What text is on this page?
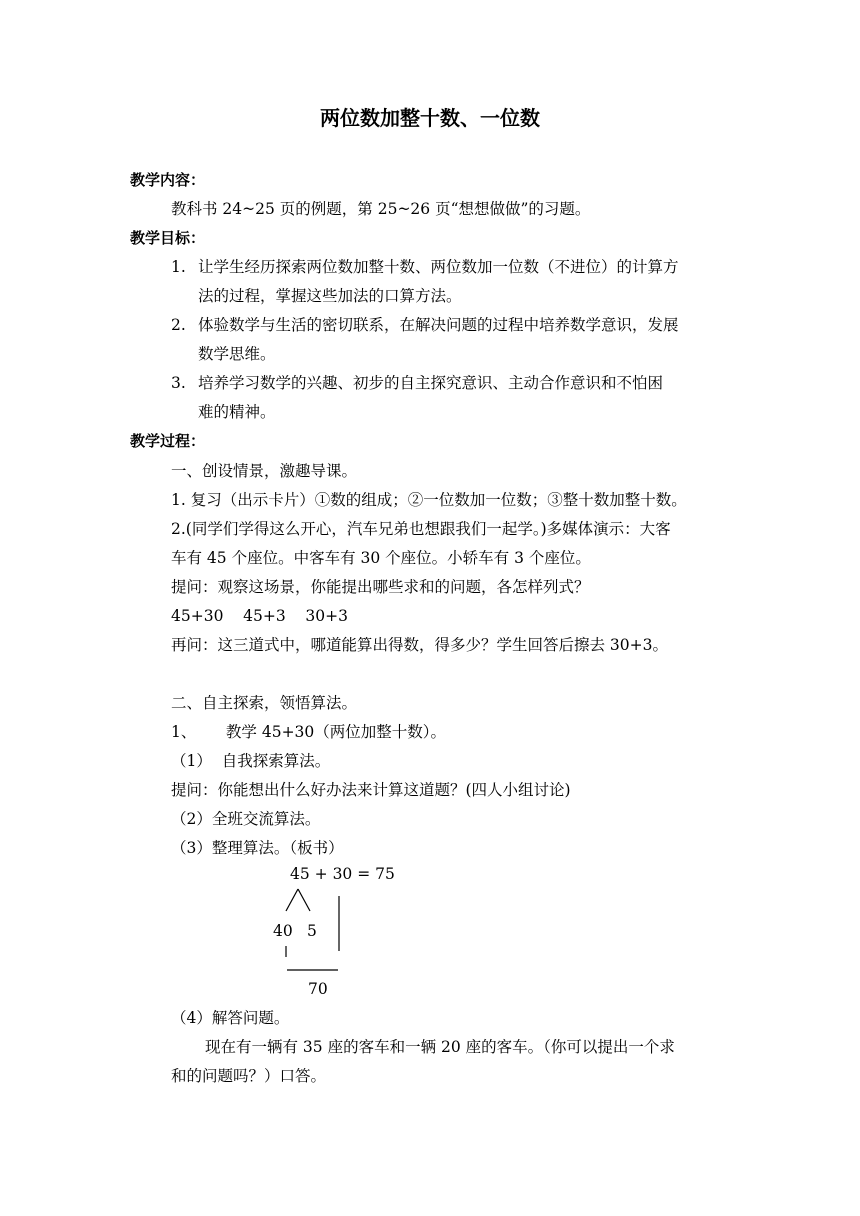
两位数加整十数、一位数
教学内容：
教科书 24~25 页的例题，第 25~26 页“想想做做”的习题。
教学目标：
1. 让学生经历探索两位数加整十数、两位数加一位数（不进位）的计算方
法的过程，掌握这些加法的口算方法。
2. 体验数学与生活的密切联系，在解决问题的过程中培养数学意识，发展
数学思维。
3. 培养学习数学的兴趣、初步的自主探究意识、主动合作意识和不怕困
难的精神。
教学过程：
一、创设情景，激趣导课。
1. 复习（出示卡片）①数的组成；②一位数加一位数；③整十数加整十数。
2.(同学们学得这么开心，汽车兄弟也想跟我们一起学。)多媒体演示：大客
车有 45 个座位。中客车有 30 个座位。小轿车有 3 个座位。
提问：观察这场景，你能提出哪些求和的问题，各怎样列式？
45+30    45+3    30+3
再问：这三道式中，哪道能算出得数，得多少？学生回答后擦去 30+3。
二、自主探索，领悟算法。
1、      教学 45+30（两位加整十数）。
（1）  自我探索算法。
提问：你能想出什么好办法来计算这道题？(四人小组讨论)
（2）全班交流算法。
（3）整理算法。（板书）
45 + 30 = 75
40 5
70
（4）解答问题。
现在有一辆有 35 座的客车和一辆 20 座的客车。（你可以提出一个求
和的问题吗？）口答。
